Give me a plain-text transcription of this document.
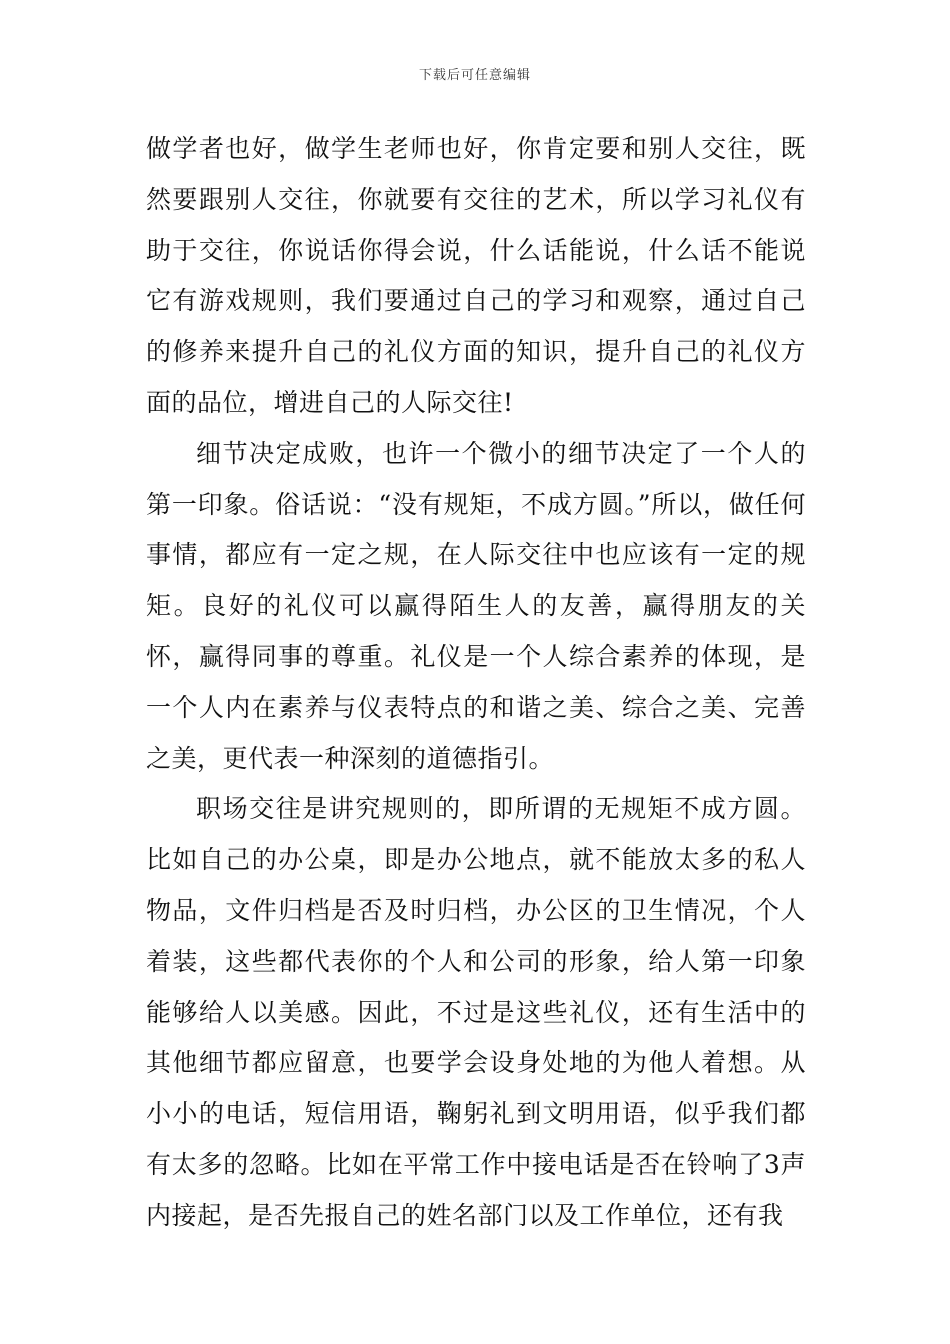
下载后可任意编辑

做学者也好，做学生老师也好，你肯定要和别人交往，既然要跟别人交往，你就要有交往的艺术，所以学习礼仪有助于交往，你说话你得会说，什么话能说，什么话不能说它有游戏规则，我们要通过自己的学习和观察，通过自己的修养来提升自己的礼仪方面的知识，提升自己的礼仪方面的品位，增进自己的人际交往!

细节决定成败，也许一个微小的细节决定了一个人的第一印象。俗话说：“没有规矩，不成方圆。”所以，做任何事情，都应有一定之规，在人际交往中也应该有一定的规矩。良好的礼仪可以赢得陌生人的友善，赢得朋友的关怀，赢得同事的尊重。礼仪是一个人综合素养的体现，是一个人内在素养与仪表特点的和谐之美、综合之美、完善之美，更代表一种深刻的道德指引。

职场交往是讲究规则的，即所谓的无规矩不成方圆。比如自己的办公桌，即是办公地点，就不能放太多的私人物品，文件归档是否及时归档，办公区的卫生情况，个人着装，这些都代表你的个人和公司的形象，给人第一印象能够给人以美感。因此，不过是这些礼仪，还有生活中的其他细节都应留意，也要学会设身处地的为他人着想。从小小的电话，短信用语，鞠躬礼到文明用语，似乎我们都有太多的忽略。比如在平常工作中接电话是否在铃响了3声内接起，是否先报自己的姓名部门以及工作单位，还有我
